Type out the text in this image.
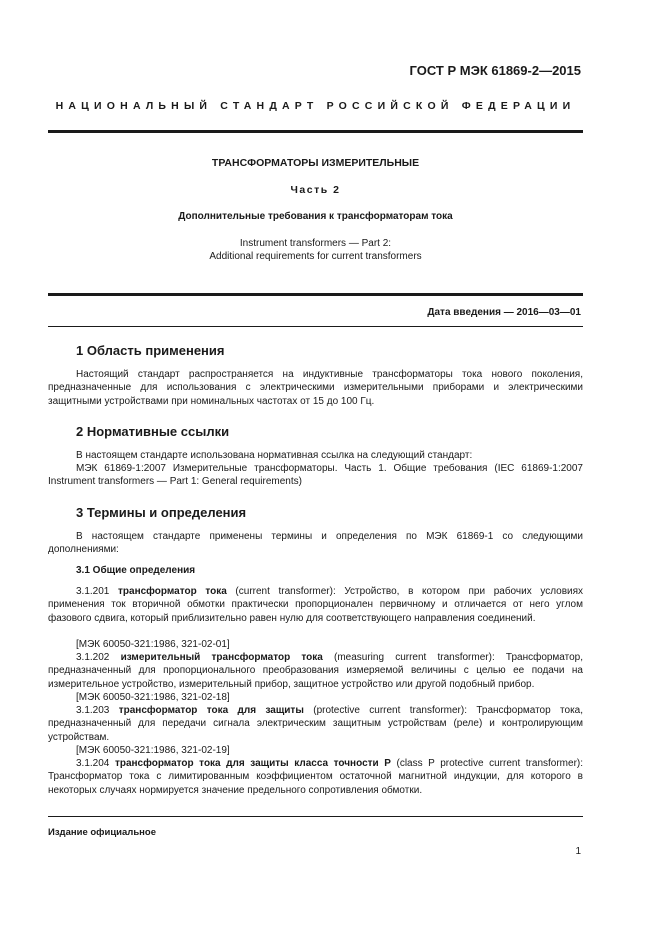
ГОСТ Р МЭК 61869-2—2015
НАЦИОНАЛЬНЫЙ СТАНДАРТ РОССИЙСКОЙ ФЕДЕРАЦИИ
ТРАНСФОРМАТОРЫ ИЗМЕРИТЕЛЬНЫЕ
Часть 2
Дополнительные требования к трансформаторам тока
Instrument transformers — Part 2:
Additional requirements for current transformers
Дата введения — 2016—03—01
1 Область применения
Настоящий стандарт распространяется на индуктивные трансформаторы тока нового поколения, предназначенные для использования с электрическими измерительными приборами и электрическими защитными устройствами при номинальных частотах от 15 до 100 Гц.
2 Нормативные ссылки
В настоящем стандарте использована нормативная ссылка на следующий стандарт:
МЭК 61869-1:2007 Измерительные трансформаторы. Часть 1. Общие требования (IEC 61869-1:2007 Instrument transformers — Part 1: General requirements)
3 Термины и определения
В настоящем стандарте применены термины и определения по МЭК 61869-1 со следующими дополнениями:
3.1 Общие определения
3.1.201 трансформатор тока (current transformer): Устройство, в котором при рабочих условиях применения ток вторичной обмотки практически пропорционален первичному и отличается от него углом фазового сдвига, который приблизительно равен нулю для соответствующего направления соединений.
[МЭК 60050-321:1986, 321-02-01]
3.1.202 измерительный трансформатор тока (measuring current transformer): Трансформатор, предназначенный для пропорционального преобразования измеряемой величины с целью ее подачи на измерительное устройство, измерительный прибор, защитное устройство или другой подобный прибор.
[МЭК 60050-321:1986, 321-02-18]
3.1.203 трансформатор тока для защиты (protective current transformer): Трансформатор тока, предназначенный для передачи сигнала электрическим защитным устройствам (реле) и контролирующим устройствам.
[МЭК 60050-321:1986, 321-02-19]
3.1.204 трансформатор тока для защиты класса точности P (class P protective current transformer): Трансформатор тока с лимитированным коэффициентом остаточной магнитной индукции, для которого в некоторых случаях нормируется значение предельного сопротивления обмотки.
Издание официальное
1
